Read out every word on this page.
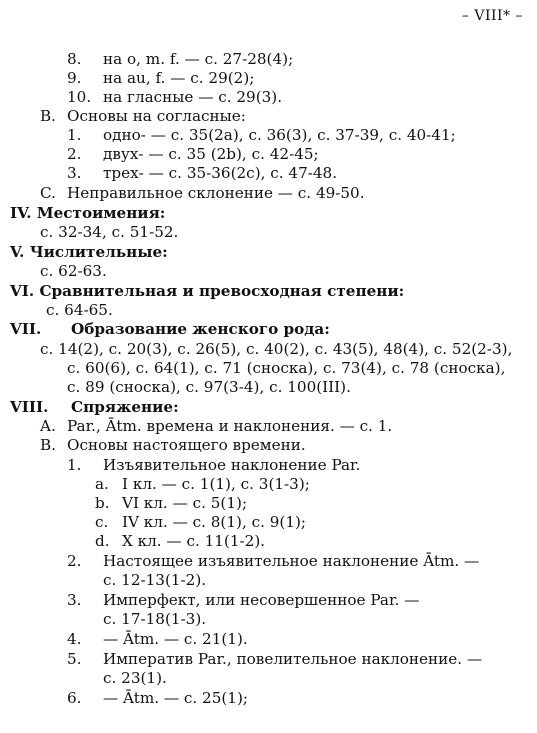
– VIII* –
8. на o, m. f. — с. 27-28(4);
9. на au, f. — с. 29(2);
10. на гласные — с. 29(3).
B. Основы на согласные:
1. одно- — с. 35(2a), с. 36(3), с. 37-39, с. 40-41;
2. двух- — с. 35 (2b), с. 42-45;
3. трех- — с. 35-36(2c), с. 47-48.
C. Неправильное склонение — с. 49-50.
IV. Местоимения:
с. 32-34, с. 51-52.
V. Числительные:
с. 62-63.
VI. Сравнительная и превосходная степени:
с. 64-65.
VII. Образование женского рода:
с. 14(2), с. 20(3), с. 26(5), с. 40(2), с. 43(5), 48(4), с. 52(2-3),
с. 60(6), с. 64(1), с. 71 (сноска), с. 73(4), с. 78 (сноска),
с. 89 (сноска), с. 97(3-4), с. 100(III).
VIII. Спряжение:
A. Par., Ātm. времена и наклонения. — с. 1.
B. Основы настоящего времени.
1. Изъявительное наклонение Par.
a. I кл. — с. 1(1), с. 3(1-3);
b. VI кл. — с. 5(1);
c. IV кл. — с. 8(1), с. 9(1);
d. X кл. — с. 11(1-2).
2. Настоящее изъявительное наклонение Ātm. —
с. 12-13(1-2).
3. Имперфект, или несовершенное Par. —
с. 17-18(1-3).
4. — Ātm. — с. 21(1).
5. Императив Par., повелительное наклонение. —
с. 23(1).
6. — Ātm. — с. 25(1);
